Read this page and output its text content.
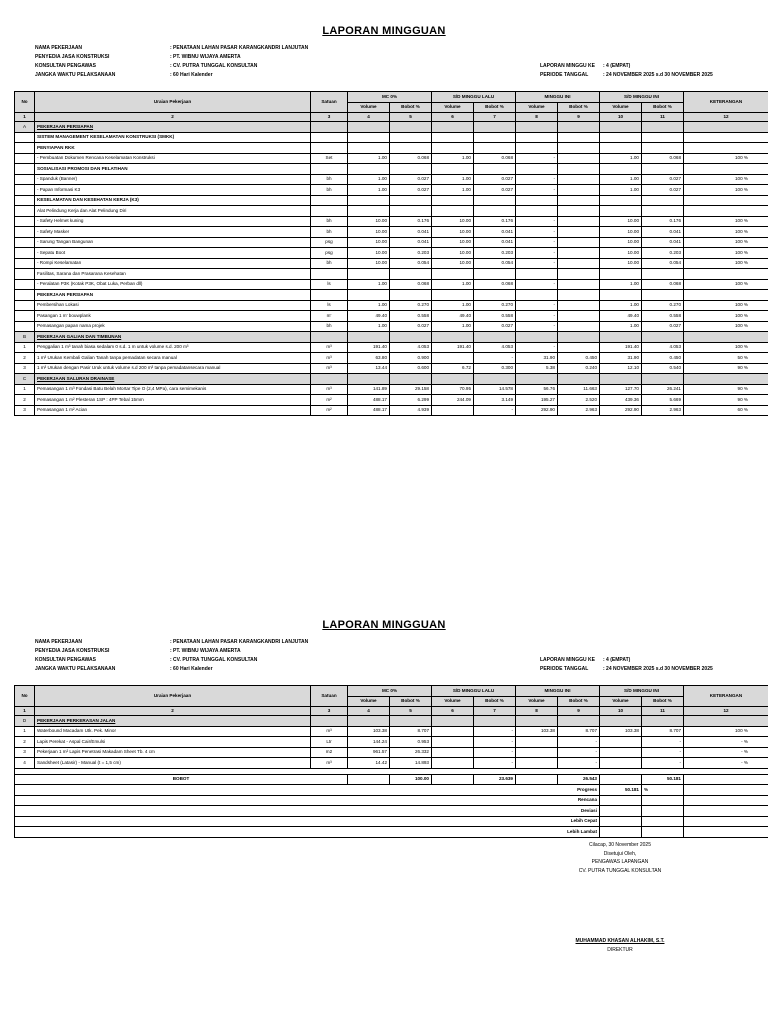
LAPORAN MINGGUAN
NAMA PEKERJAAN	: PENATAAN LAHAN PASAR KARANGKANDRI LANJUTAN
PENYEDIA JASA KONSTRUKSI	: PT. WIBNU WIJAYA AMERTA
KONSULTAN PENGAWAS	: CV. PUTRA TUNGGAL KONSULTAN
JANGKA WAKTU PELAKSANAAN	: 60 Hari Kalender
LAPORAN MINGGU KE : 4 (EMPAT)
PERIODE TANGGAL	: 24 NOVEMBER 2025 s.d 30 NOVEMBER 2025
No	Uraian Pekerjaan	Satuan	MC 0%		S/D MINGGU LALU		MINGGU INI		S/D MINGGU INI		KETERANGAN
			Volume	Bobot %	Volume	Bobot %	Volume	Bobot %	Volume	Bobot %	
1	2	3	4	5	6	7	8	9	10	11	12
A	PEKERJAAN PERSIAPAN										
	SISTEM MANAGEMENT KESELAMATAN KONSTRUKSI (SMKK)										
	PENYIAPAN RKK										
	- Pembuatan Dokumen Rencana Keselamatan Konstruksi	Set	1.00	0.068	1.00	0.068	-		1.00	0.068	100 %
	SOSIALISASI PROMOSI DAN PELATIHAN										
	- Spanduk (Banner)	bh	1.00	0.027	1.00	0.027	-		1.00	0.027	100 %
	- Papan Informasi K3	bh	1.00	0.027	1.00	0.027	-		1.00	0.027	100 %
	KESELAMATAN DAN KESEHATAN KERJA (K3)										
	Alat Pelindung Kerja dan Alat Pelindung Diri										
	- Safety Helmet kuning	bh	10.00	0.176	10.00	0.176	-		10.00	0.176	100 %
	- Safety Masker	bh	10.00	0.041	10.00	0.041	-		10.00	0.041	100 %
	- Sarung Tangan Bangunan	psg	10.00	0.041	10.00	0.041	-		10.00	0.041	100 %
	- Sepatu Boot	psg	10.00	0.203	10.00	0.203	-		10.00	0.203	100 %
	- Rompi Keselamatan	bh	10.00	0.054	10.00	0.054	-		10.00	0.054	100 %
	Fasilitas, Sarana dan Prasarana Kesehatan										
	- Peralatan P3K (Kotak P3K, Obat Luka, Perban dll)	ls	1.00	0.068	1.00	0.068	-		1.00	0.068	100 %
	PEKERJAAN PERSIAPAN										
	Pembersihan Lokasi	ls	1.00	0.270	1.00	0.270	-		1.00	0.270	100 %
	Pasangan 1 m' bouwplank	m'	49.40	0.558	49.40	0.558	-		49.40	0.558	100 %
	Pemasangan papan nama projek	bh	1.00	0.027	1.00	0.027	-		1.00	0.027	100 %
B	PEKERJAAN GALIAN DAN TIMBUNAN										
1	Penggalian 1 m³ tanah biasa sedalam 0 s.d. 1 m untuk volume s.d. 200 m³	m³	191.40	4.053	191.40	4.053	-		191.40	4.053	100 %
2	1 m³ Urukan Kembali Galian Tanah tanpa pemadatan secara manual	m³	63.80	0.900		-	31.90	0.450	31.90	0.450	50 %
3	1 m³ Urukan dengan Pasir Uruk untuk volume s.d 200 m³ tanpa pemadatansecara manual	m³	13.44	0.600	6.72	0.300	5.38	0.240	12.10	0.540	90 %
C	PEKERJAAN SALURAN DRAINASE										
1	Pemasangan 1 m³ Fondasi Batu Belah Mortar Tipe O (2,4 MPa), cara semimekanis	m³	141.89	29.158	70.95	14.578	56.76	11.663	127.70	26.241	90 %
2	Pemasangan 1 m² Plesteran 1SP : 4PP Tebal 15mm	m²	488.17	6.299	244.09	3.149	195.27	2.520	439.36	5.669	90 %
3	Pemasangan 1 m² Acian	m²	488.17	4.939		-	292.90	2.963	292.90	2.963	60 %
LAPORAN MINGGUAN
NAMA PEKERJAAN	: PENATAAN LAHAN PASAR KARANGKANDRI LANJUTAN
PENYEDIA JASA KONSTRUKSI	: PT. WIBNU WIJAYA AMERTA
KONSULTAN PENGAWAS	: CV. PUTRA TUNGGAL KONSULTAN
JANGKA WAKTU PELAKSANAAN	: 60 Hari Kalender
LAPORAN MINGGU KE : 4 (EMPAT)
PERIODE TANGGAL	: 24 NOVEMBER 2025 s.d 30 NOVEMBER 2025
No	Uraian Pekerjaan	Satuan	MC 0%		S/D MINGGU LALU		MINGGU INI		S/D MINGGU INI		KETERANGAN
			Volume	Bobot %	Volume	Bobot %	Volume	Bobot %	Volume	Bobot %	
1	2	3	4	5	6	7	8	9	10	11	12
D	PEKERJAAN PERKERASAN JALAN										
1	Waterbound Macadam Utk. Pek. Minor	m³	103.38	8.707		-	103.38	8.707	103.38	8.707	100 %
2	Lapis Perekat - Aspal Cair/Emulsi	Ltr	144.24	0.953		-		-		-	- %
3	Pekerjaan 1 m² Lapis Penetrasi Makadam Sheet Tb. 4 cm	m2	961.57	26.332		-		-		-	- %
4	Sandsheet (Latasir) - Manual (t = 1,5 cm)	m³	14.42	14.893		-		-		-	- %

BOBOT				100.00		23.639		26.543		50.181	
Progress									50.181	%	
Rencana											
Deviasi											
Lebih Cepat											
Lebih Lambat											
Cilacap, 30 November 2025
Disetujui Oleh,
PENGAWAS LAPANGAN
CV. PUTRA TUNGGAL KONSULTAN
MUHAMMAD KHASAN ALHAKIM, S.T.
DIREKTUR
